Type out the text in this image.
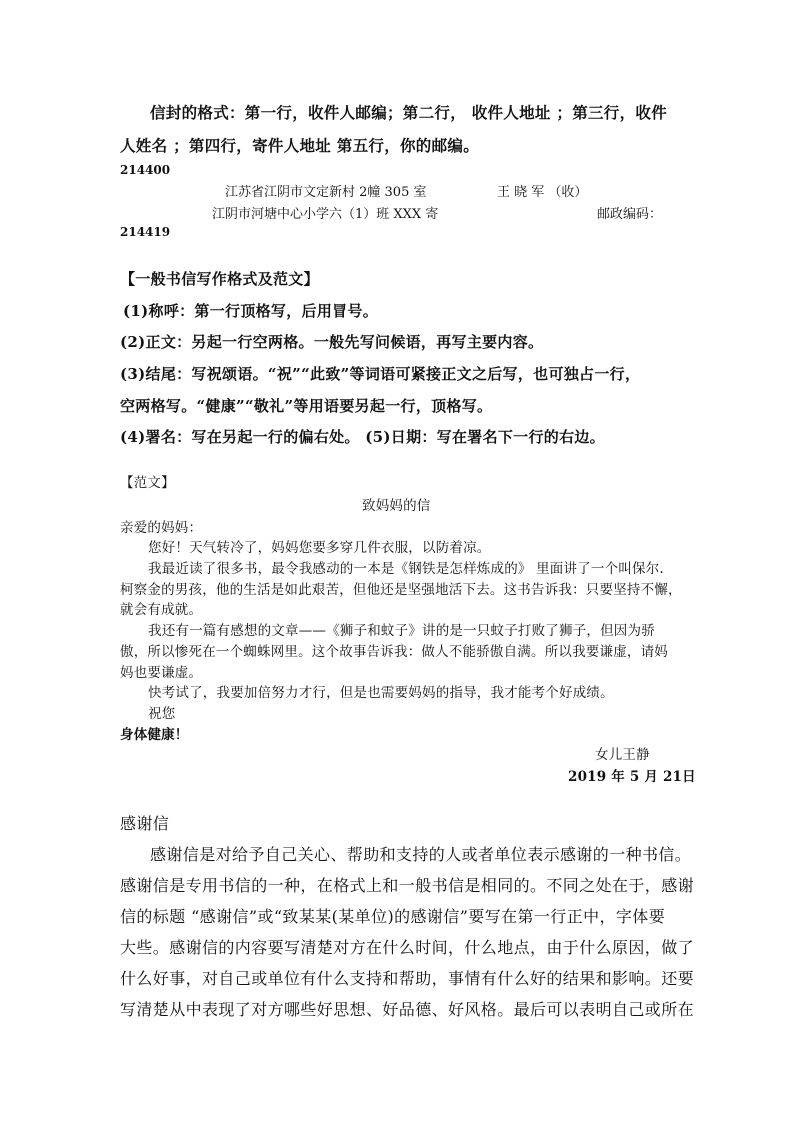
信封的格式：第一行，收件人邮编；第二行， 收件人地址 ；第三行，收件
人姓名 ；第四行，寄件人地址 第五行，你的邮编。
214400
江苏省江阴市文定新村 2幢 305 室	王 晓 军 （收）
江阴市河塘中心小学六（1）班 XXX 寄	邮政编码：
214419
【一般书信写作格式及范文】
(1)称呼：第一行顶格写，后用冒号。
(2)正文：另起一行空两格。一般先写问候语，再写主要内容。
(3)结尾：写祝颂语。“祝”“此致”等词语可紧接正文之后写，也可独占一行，
空两格写。“健康”“敬礼”等用语要另起一行，顶格写。
(4)署名：写在另起一行的偏右处。 (5)日期：写在署名下一行的右边。
【范文】
致妈妈的信
亲爱的妈妈：
您好！天气转冷了，妈妈您要多穿几件衣服，以防着凉。
我最近读了很多书，最令我感动的一本是《钢铁是怎样炼成的》 里面讲了一个叫保尔.
柯察金的男孩，他的生活是如此艰苦，但他还是坚强地活下去。这书告诉我：只要坚持不懈，
就会有成就。
我还有一篇有感想的文章——《狮子和蚊子》讲的是一只蚊子打败了狮子，但因为骄
傲，所以惨死在一个蜘蛛网里。这个故事告诉我：做人不能骄傲自满。所以我要谦虚，请妈
妈也要谦虚。
快考试了，我要加倍努力才行，但是也需要妈妈的指导，我才能考个好成绩。
祝您
身体健康！
女儿王静
2019 年 5 月 21日
感谢信
感谢信是对给予自己关心、帮助和支持的人或者单位表示感谢的一种书信。
感谢信是专用书信的一种，在格式上和一般书信是相同的。不同之处在于，感谢
信的标题 “感谢信”或“致某某(某单位)的感谢信”要写在第一行正中，字体要
大些。感谢信的内容要写清楚对方在什么时间，什么地点，由于什么原因，做了
什么好事，对自己或单位有什么支持和帮助，事情有什么好的结果和影响。还要
写清楚从中表现了对方哪些好思想、好品德、好风格。最后可以表明自己或所在
